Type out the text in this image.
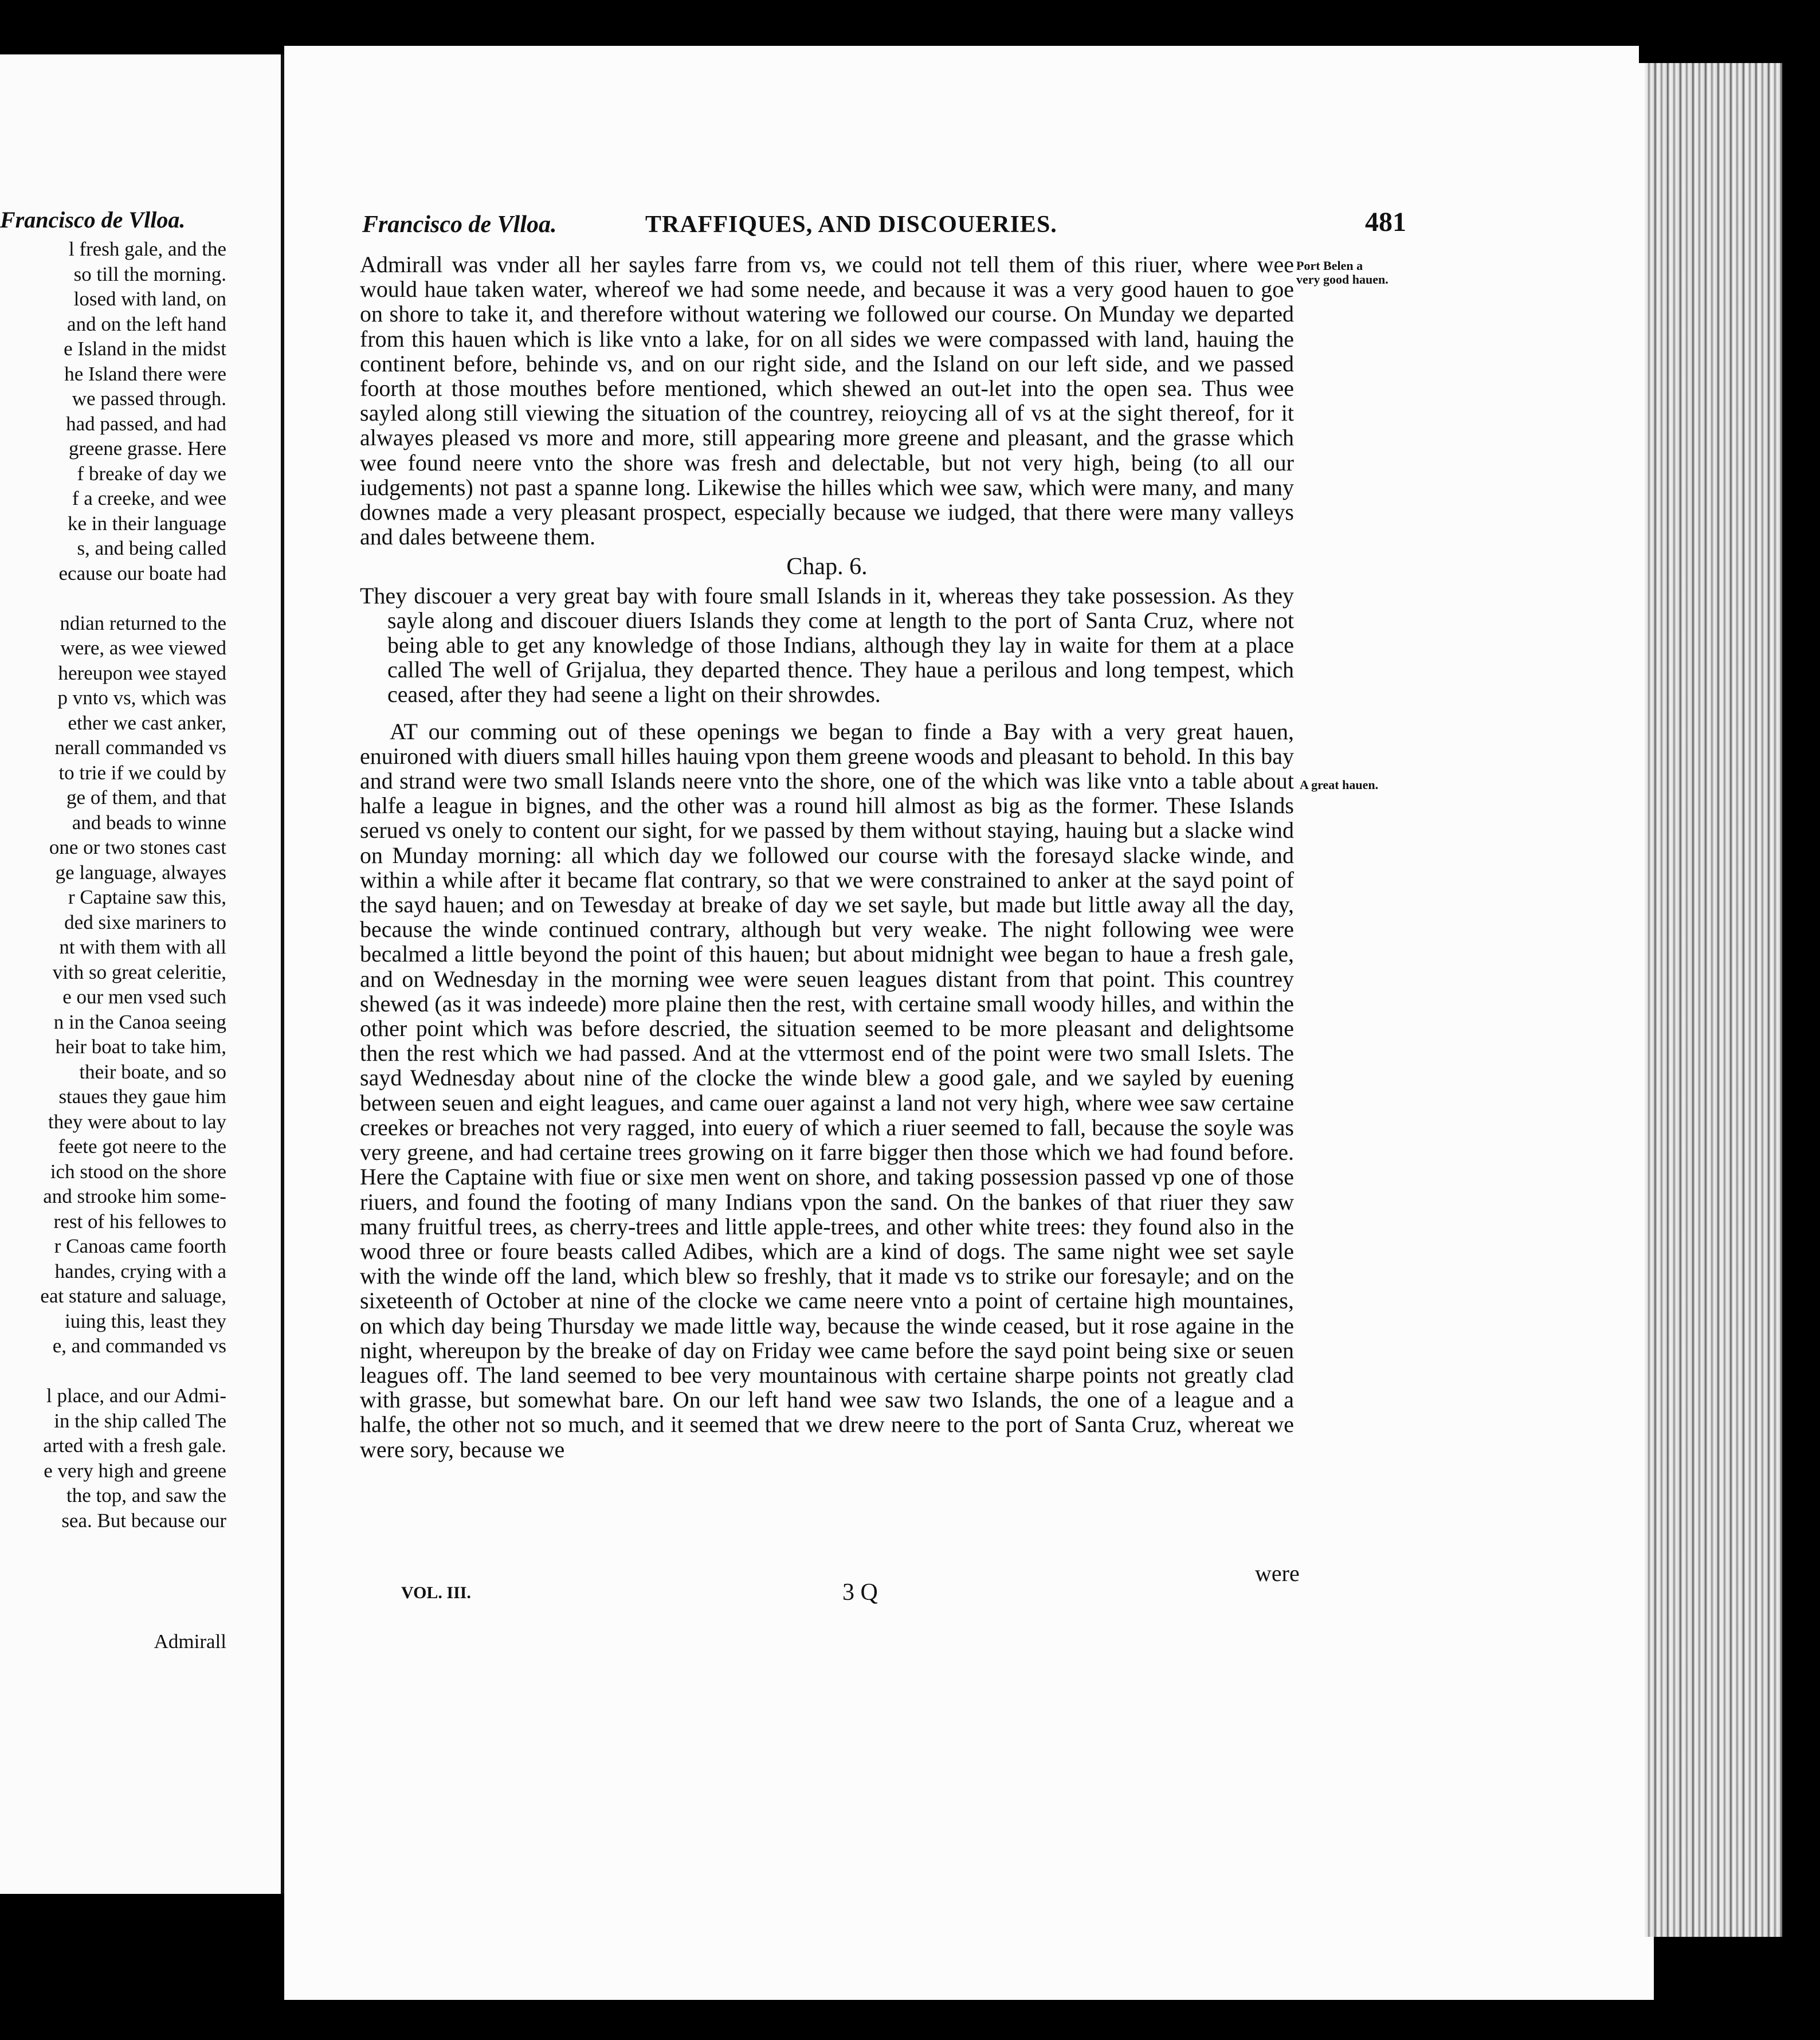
Francisco de Vlloa.
l fresh gale, and the
so till the morning.
losed with land, on
and on the left hand
e Island in the midst
he Island there were
we passed through.
had passed, and had
greene grasse. Here
f breake of day we
f a creeke, and wee
ke in their language
s, and being called
ecause our boate had

ndian returned to the
were, as wee viewed
hereupon wee stayed
p vnto vs, which was
ether we cast anker,
nerall commanded vs
to trie if we could by
ge of them, and that
and beads to winne
one or two stones cast
ge language, alwayes
r Captaine saw this,
ded sixe mariners to
nt with them with all
vith so great celeritie,
e our men vsed such
n in the Canoa seeing
heir boat to take him,
their boate, and so
staues they gaue him
they were about to lay
feete got neere to the
ich stood on the shore
and strooke him some-
rest of his fellowes to
r Canoas came foorth
handes, crying with a
eat stature and saluage,
iuing this, least they
e, and commanded vs

l place, and our Admi-
in the ship called The
arted with a fresh gale.
e very high and greene
the top, and saw the
sea. But because our
Admirall
Francisco de Vlloa.	TRAFFIQUES, AND DISCOUERIES.	481

Admirall was vnder all her sayles farre from vs, we could not tell them of this riuer, where wee would haue taken water, whereof we had some neede, and because it was a very good hauen to goe on shore to take it, and therefore without watering we followed our course. On Munday we departed from this hauen which is like vnto a lake, for on all sides we were compassed with land, hauing the continent before, behinde vs, and on our right side, and the Island on our left side, and we passed foorth at those mouthes before mentioned, which shewed an out-let into the open sea. Thus wee sayled along still viewing the situation of the countrey, reioycing all of vs at the sight thereof, for it alwayes pleased vs more and more, still appearing more greene and pleasant, and the grasse which wee found neere vnto the shore was fresh and delectable, but not very high, being (to all our iudgements) not past a spanne long. Likewise the hilles which wee saw, which were many, and many downes made a very pleasant prospect, especially because we iudged, that there were many valleys and dales betweene them.

Chap. 6.

They discouer a very great bay with foure small Islands in it, whereas they take possession. As they sayle along and discouer diuers Islands they come at length to the port of Santa Cruz, where not being able to get any knowledge of those Indians, although they lay in waite for them at a place called The well of Grijalua, they departed thence. They haue a perilous and long tempest, which ceased, after they had seene a light on their shrowdes.

AT our comming out of these openings we began to finde a Bay with a very great hauen, enuironed with diuers small hilles hauing vpon them greene woods and pleasant to behold. In this bay and strand were two small Islands neere vnto the shore, one of the which was like vnto a table about halfe a league in bignes, and the other was a round hill almost as big as the former. These Islands serued vs onely to content our sight, for we passed by them without staying, hauing but a slacke wind on Munday morning: all which day we followed our course with the foresayd slacke winde, and within a while after it became flat contrary, so that we were constrained to anker at the sayd point of the sayd hauen; and on Tewesday at breake of day we set sayle, but made but little away all the day, because the winde continued contrary, although but very weake. The night following wee were becalmed a little beyond the point of this hauen; but about midnight wee began to haue a fresh gale, and on Wednesday in the morning wee were seuen leagues distant from that point. This countrey shewed (as it was indeede) more plaine then the rest, with certaine small woody hilles, and within the other point which was before descried, the situation seemed to be more pleasant and delightsome then the rest which we had passed. And at the vttermost end of the point were two small Islets. The sayd Wednesday about nine of the clocke the winde blew a good gale, and we sayled by euening between seuen and eight leagues, and came ouer against a land not very high, where wee saw certaine creekes or breaches not very ragged, into euery of which a riuer seemed to fall, because the soyle was very greene, and had certaine trees growing on it farre bigger then those which we had found before. Here the Captaine with fiue or sixe men went on shore, and taking possession passed vp one of those riuers, and found the footing of many Indians vpon the sand. On the bankes of that riuer they saw many fruitful trees, as cherry-trees and little apple-trees, and other white trees: they found also in the wood three or foure beasts called Adibes, which are a kind of dogs. The same night wee set sayle with the winde off the land, which blew so freshly, that it made vs to strike our foresayle; and on the sixeteenth of October at nine of the clocke we came neere vnto a point of certaine high mountaines, on which day being Thursday we made little way, because the winde ceased, but it rose againe in the night, whereupon by the breake of day on Friday wee came before the sayd point being sixe or seuen leagues off. The land seemed to bee very mountainous with certaine sharpe points not greatly clad with grasse, but somewhat bare. On our left hand wee saw two Islands, the one of a league and a halfe, the other not so much, and it seemed that we drew neere to the port of Santa Cruz, whereat we were sory, because we

Port Belen a
very good hauen.
A great hauen.
were
VOL. III.	3 Q
